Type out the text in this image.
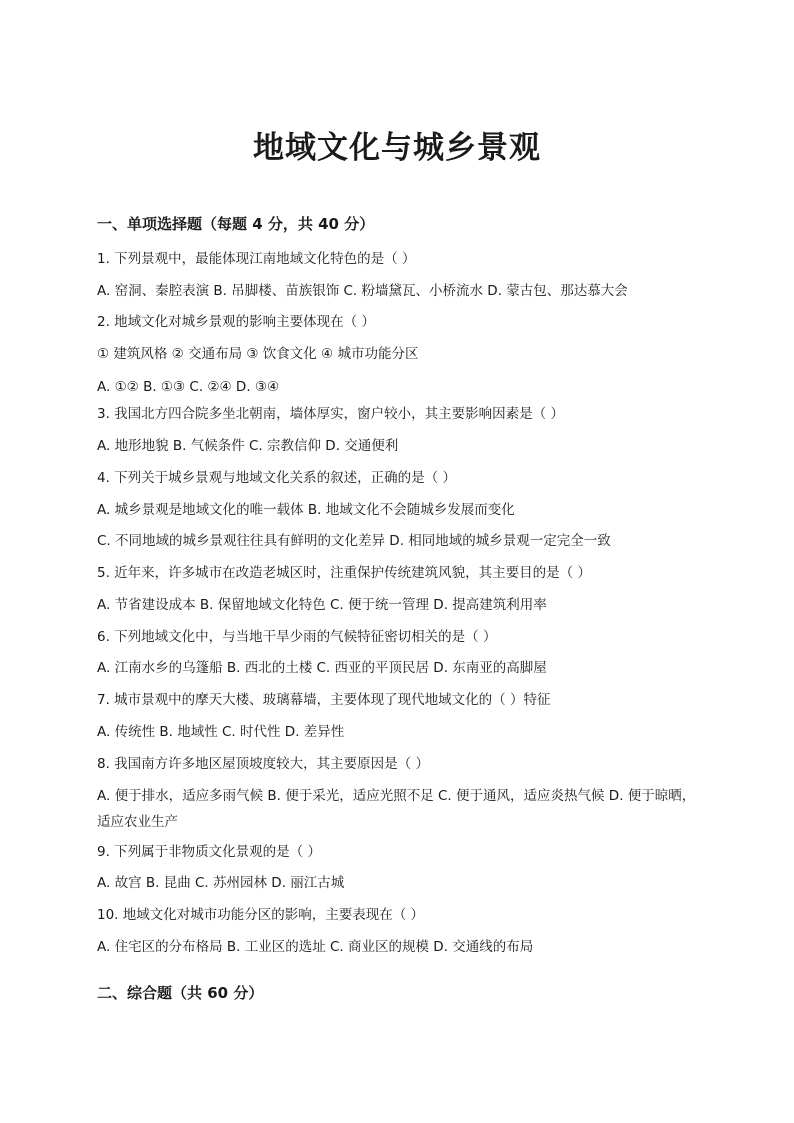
地域文化与城乡景观
一、单项选择题（每题 4 分，共 40 分）
1. 下列景观中，最能体现江南地域文化特色的是（ ）
A. 窑洞、秦腔表演 B. 吊脚楼、苗族银饰 C. 粉墙黛瓦、小桥流水 D. 蒙古包、那达慕大会
2. 地域文化对城乡景观的影响主要体现在（ ）
① 建筑风格 ② 交通布局 ③ 饮食文化 ④ 城市功能分区
A. ①② B. ①③ C. ②④ D. ③④
3. 我国北方四合院多坐北朝南，墙体厚实，窗户较小，其主要影响因素是（ ）
A. 地形地貌 B. 气候条件 C. 宗教信仰 D. 交通便利
4. 下列关于城乡景观与地域文化关系的叙述，正确的是（ ）
A. 城乡景观是地域文化的唯一载体 B. 地域文化不会随城乡发展而变化
C. 不同地域的城乡景观往往具有鲜明的文化差异 D. 相同地域的城乡景观一定完全一致
5. 近年来，许多城市在改造老城区时，注重保护传统建筑风貌，其主要目的是（ ）
A. 节省建设成本 B. 保留地域文化特色 C. 便于统一管理 D. 提高建筑利用率
6. 下列地域文化中，与当地干旱少雨的气候特征密切相关的是（ ）
A. 江南水乡的乌篷船 B. 西北的土楼 C. 西亚的平顶民居 D. 东南亚的高脚屋
7. 城市景观中的摩天大楼、玻璃幕墙，主要体现了现代地域文化的（ ）特征
A. 传统性 B. 地域性 C. 时代性 D. 差异性
8. 我国南方许多地区屋顶坡度较大，其主要原因是（ ）
A. 便于排水，适应多雨气候 B. 便于采光，适应光照不足 C. 便于通风，适应炎热气候 D. 便于晾晒，适应农业生产
9. 下列属于非物质文化景观的是（ ）
A. 故宫 B. 昆曲 C. 苏州园林 D. 丽江古城
10. 地域文化对城市功能分区的影响，主要表现在（ ）
A. 住宅区的分布格局 B. 工业区的选址 C. 商业区的规模 D. 交通线的布局
二、综合题（共 60 分）
